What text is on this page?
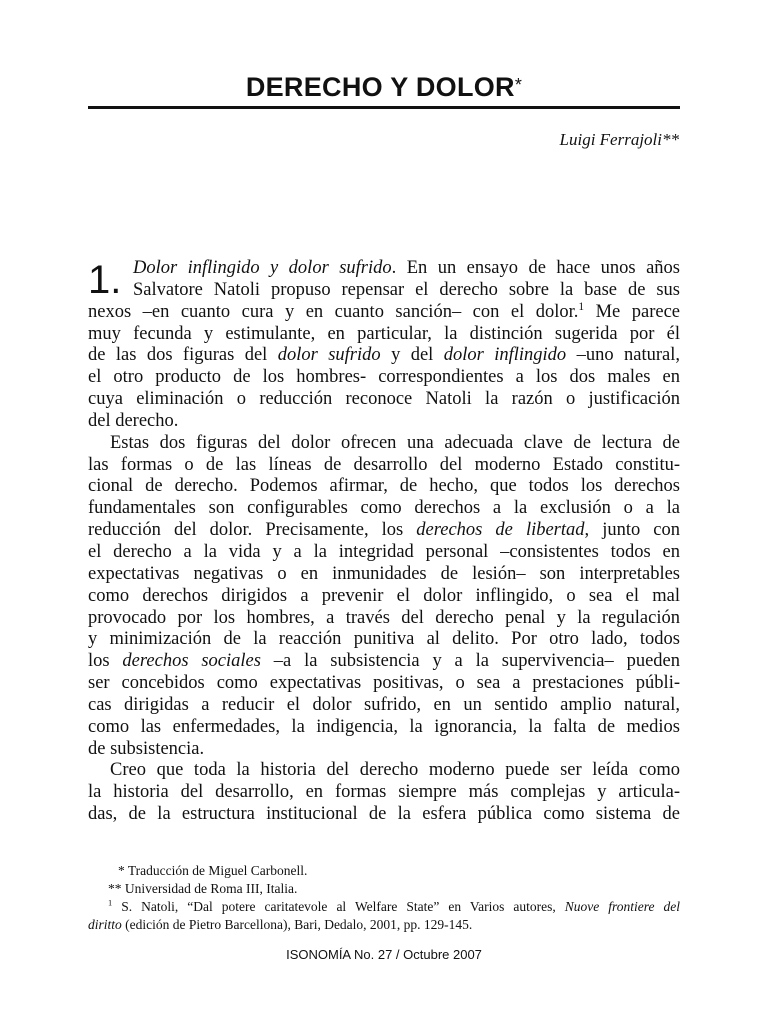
DERECHO Y DOLOR*
Luigi Ferrajoli**
1. Dolor inflingido y dolor sufrido. En un ensayo de hace unos años
Salvatore Natoli propuso repensar el derecho sobre la base de sus
nexos –en cuanto cura y en cuanto sanción– con el dolor.$^1$ Me parece
muy fecunda y estimulante, en particular, la distinción sugerida por él
de las dos figuras del dolor sufrido y del dolor inflingido –uno natural,
el otro producto de los hombres- correspondientes a los dos males en
cuya eliminación o reducción reconoce Natoli la razón o justificación
del derecho.
Estas dos figuras del dolor ofrecen una adecuada clave de lectura de
las formas o de las líneas de desarrollo del moderno Estado constitu-
cional de derecho. Podemos afirmar, de hecho, que todos los derechos
fundamentales son configurables como derechos a la exclusión o a la
reducción del dolor. Precisamente, los derechos de libertad, junto con
el derecho a la vida y a la integridad personal –consistentes todos en
expectativas negativas o en inmunidades de lesión– son interpretables
como derechos dirigidos a prevenir el dolor inflingido, o sea el mal
provocado por los hombres, a través del derecho penal y la regulación
y minimización de la reacción punitiva al delito. Por otro lado, todos
los derechos sociales –a la subsistencia y a la supervivencia– pueden
ser concebidos como expectativas positivas, o sea a prestaciones públi-
cas dirigidas a reducir el dolor sufrido, en un sentido amplio natural,
como las enfermedades, la indigencia, la ignorancia, la falta de medios
de subsistencia.
Creo que toda la historia del derecho moderno puede ser leída como
la historia del desarrollo, en formas siempre más complejas y articula-
das, de la estructura institucional de la esfera pública como sistema de
* Traducción de Miguel Carbonell.
** Universidad de Roma III, Italia.
$^1$ S. Natoli, “Dal potere caritatevole al Welfare State” en Varios autores, Nuove frontiere del
diritto (edición de Pietro Barcellona), Bari, Dedalo, 2001, pp. 129-145.
ISONOMÍA No. 27 / Octubre 2007
